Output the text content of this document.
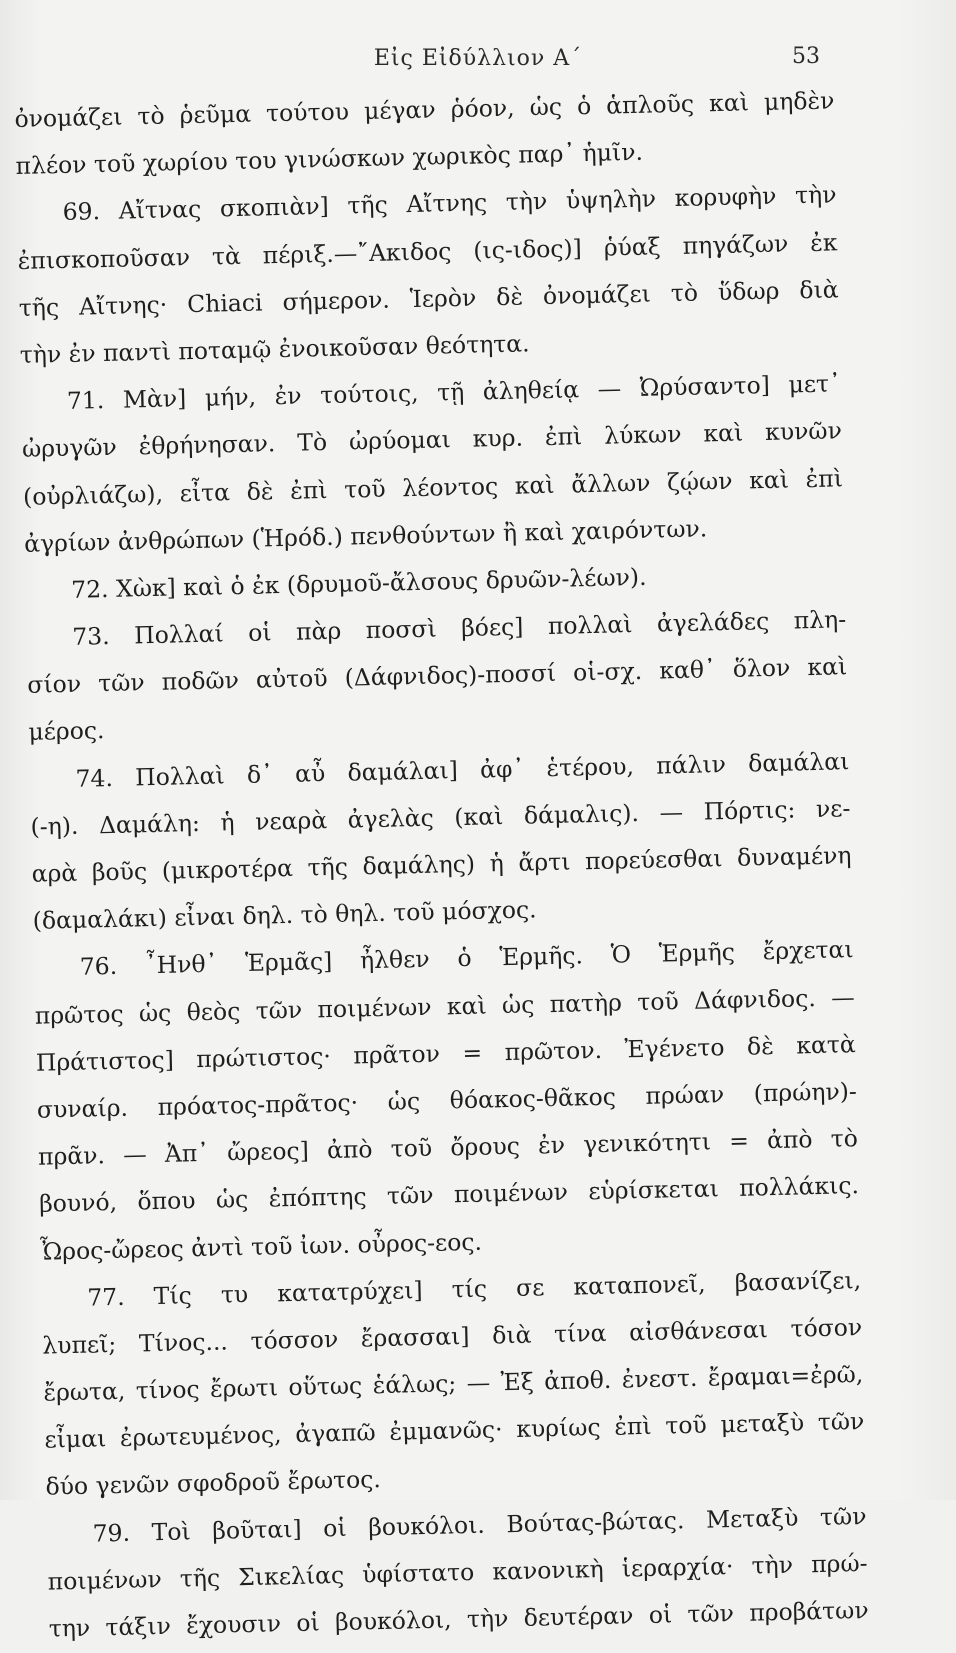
Εἰς Εἰδύλλιον Α´	53
ὀνομάζει τὸ ῥεῦμα τούτου μέγαν ῥόον, ὡς ὁ ἁπλοῦς καὶ μηδὲν
πλέον τοῦ χωρίου του γινώσκων χωρικὸς παρ᾽ ἡμῖν.
69. Αἴτνας σκοπιὰν] τῆς Αἴτνης τὴν ὑψηλὴν κορυφὴν τὴν
ἐπισκοποῦσαν τὰ πέριξ.—῎Ακιδος (ις-ιδος)] ῥύαξ πηγάζων ἐκ
τῆς Αἴτνης· Chiaci σήμερον. Ἱερὸν δὲ ὀνομάζει τὸ ὕδωρ διὰ
τὴν ἐν παντὶ ποταμῷ ἐνοικοῦσαν θεότητα.
71. Μὰν] μήν, ἐν τούτοις, τῇ ἀληθείᾳ — Ὠρύσαντο] μετ᾽
ὠρυγῶν ἐθρήνησαν. Τὸ ὠρύομαι κυρ. ἐπὶ λύκων καὶ κυνῶν
(οὐρλιάζω), εἶτα δὲ ἐπὶ τοῦ λέοντος καὶ ἄλλων ζῴων καὶ ἐπὶ
ἀγρίων ἀνθρώπων (Ἡρόδ.) πενθούντων ἢ καὶ χαιρόντων.
72. Χὼκ] καὶ ὁ ἐκ (δρυμοῦ-ἄλσους δρυῶν-λέων).
73. Πολλαί οἱ πὰρ ποσσὶ βόες] πολλαὶ ἀγελάδες πλη-
σίον τῶν ποδῶν αὐτοῦ (Δάφνιδος)-ποσσί οἱ-σχ. καθ᾽ ὅλον καὶ
μέρος.
74. Πολλαὶ δ᾽ αὖ δαμάλαι] ἀφ᾽ ἑτέρου, πάλιν δαμάλαι
(-η). Δαμάλη: ἡ νεαρὰ ἀγελὰς (καὶ δάμαλις). — Πόρτις: νε-
αρὰ βοῦς (μικροτέρα τῆς δαμάλης) ἡ ἄρτι πορεύεσθαι δυναμένη
(δαμαλάκι) εἶναι δηλ. τὸ θηλ. τοῦ μόσχος.
76. ῏Ηνθ᾽ Ἑρμᾶς] ἦλθεν ὁ Ἑρμῆς. Ὁ Ἑρμῆς ἔρχεται
πρῶτος ὡς θεὸς τῶν ποιμένων καὶ ὡς πατὴρ τοῦ Δάφνιδος. —
Πράτιστος] πρώτιστος· πρᾶτον = πρῶτον. Ἐγένετο δὲ κατὰ
συναίρ. πρόατος-πρᾶτος· ὡς θόακος-θᾶκος πρώαν (πρώην)-
πρᾶν. — Ἀπ᾽ ὤρεος] ἀπὸ τοῦ ὄρους ἐν γενικότητι = ἀπὸ τὸ
βουνό, ὅπου ὡς ἐπόπτης τῶν ποιμένων εὑρίσκεται πολλάκις.
Ὦρος-ὤρεος ἀντὶ τοῦ ἰων. οὖρος-εος.
77. Τίς τυ κατατρύχει] τίς σε καταπονεῖ, βασανίζει,
λυπεῖ; Τίνος... τόσσον ἔρασσαι] διὰ τίνα αἰσθάνεσαι τόσον
ἔρωτα, τίνος ἔρωτι οὕτως ἑάλως; — Ἐξ ἀποθ. ἐνεστ. ἔραμαι=ἐρῶ,
εἶμαι ἐρωτευμένος, ἀγαπῶ ἐμμανῶς· κυρίως ἐπὶ τοῦ μεταξὺ τῶν
δύο γενῶν σφοδροῦ ἔρωτος.
79. Τοὶ βοῦται] οἱ βουκόλοι. Βούτας-βώτας. Μεταξὺ τῶν
ποιμένων τῆς Σικελίας ὑφίστατο κανονικὴ ἱεραρχία· τὴν πρώ-
την τάξιν ἔχουσιν οἱ βουκόλοι, τὴν δευτέραν οἱ τῶν προβάτων
